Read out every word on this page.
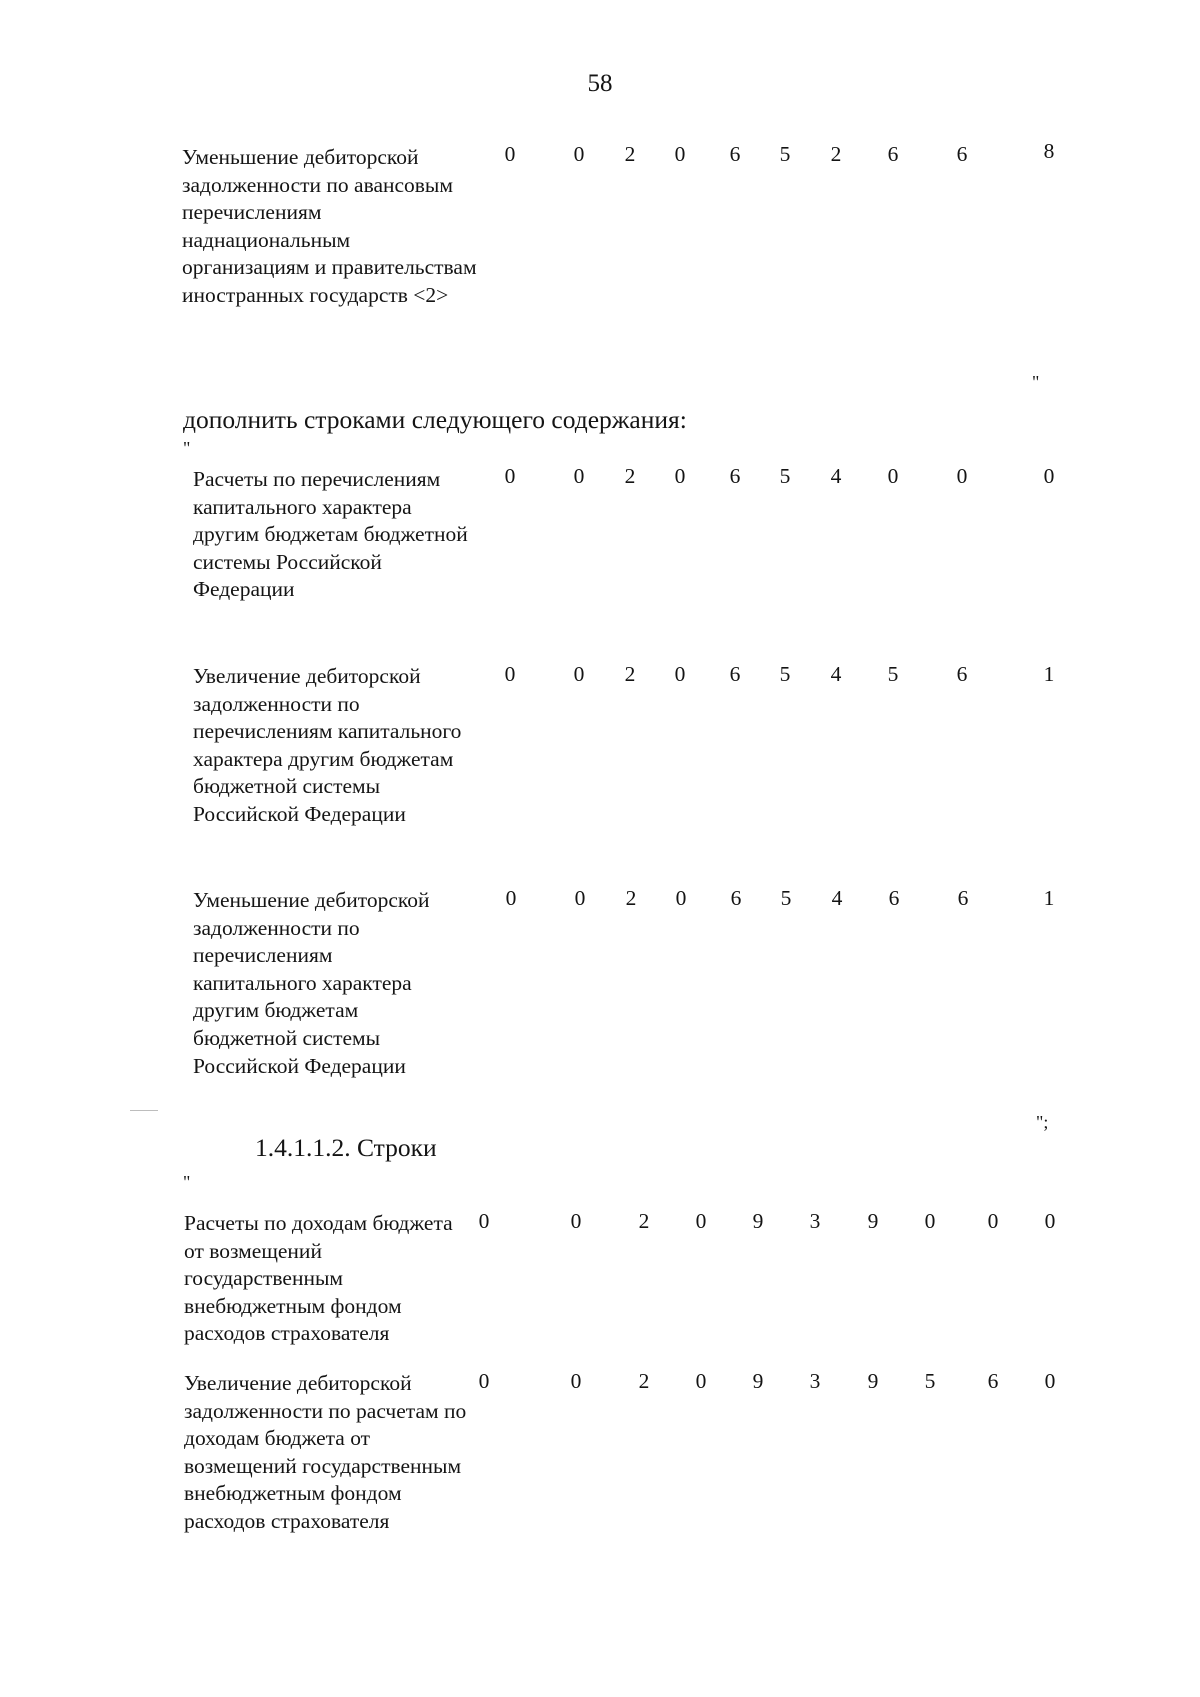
58
Уменьшение дебиторской задолженности по авансовым перечислениям наднациональным организациям и правительствам иностранных государств <2>
0	0 2 0 6 5 2 6	6	8
"
дополнить строками следующего содержания:
"
Расчеты по перечислениям капитального характера другим бюджетам бюджетной системы Российской Федерации
0	0 2 0 6 5 4 0	0	0
Увеличение дебиторской задолженности по перечислениям капитального характера другим бюджетам бюджетной системы Российской Федерации
0	0 2 0 6 5 4 5	6	1
Уменьшение дебиторской задолженности по перечислениям капитального характера другим бюджетам бюджетной системы Российской Федерации
0	0 2 0 6 5 4 6	6	1
";
1.4.1.1.2. Строки
"
Расчеты по доходам бюджета от возмещений государственным внебюджетным фондом расходов страхователя
0	0	2 0 9 3 9 0 0 0
Увеличение дебиторской задолженности по расчетам по доходам бюджета от возмещений государственным внебюджетным фондом расходов страхователя
0	0	2 0 9 3 9 5 6 0
